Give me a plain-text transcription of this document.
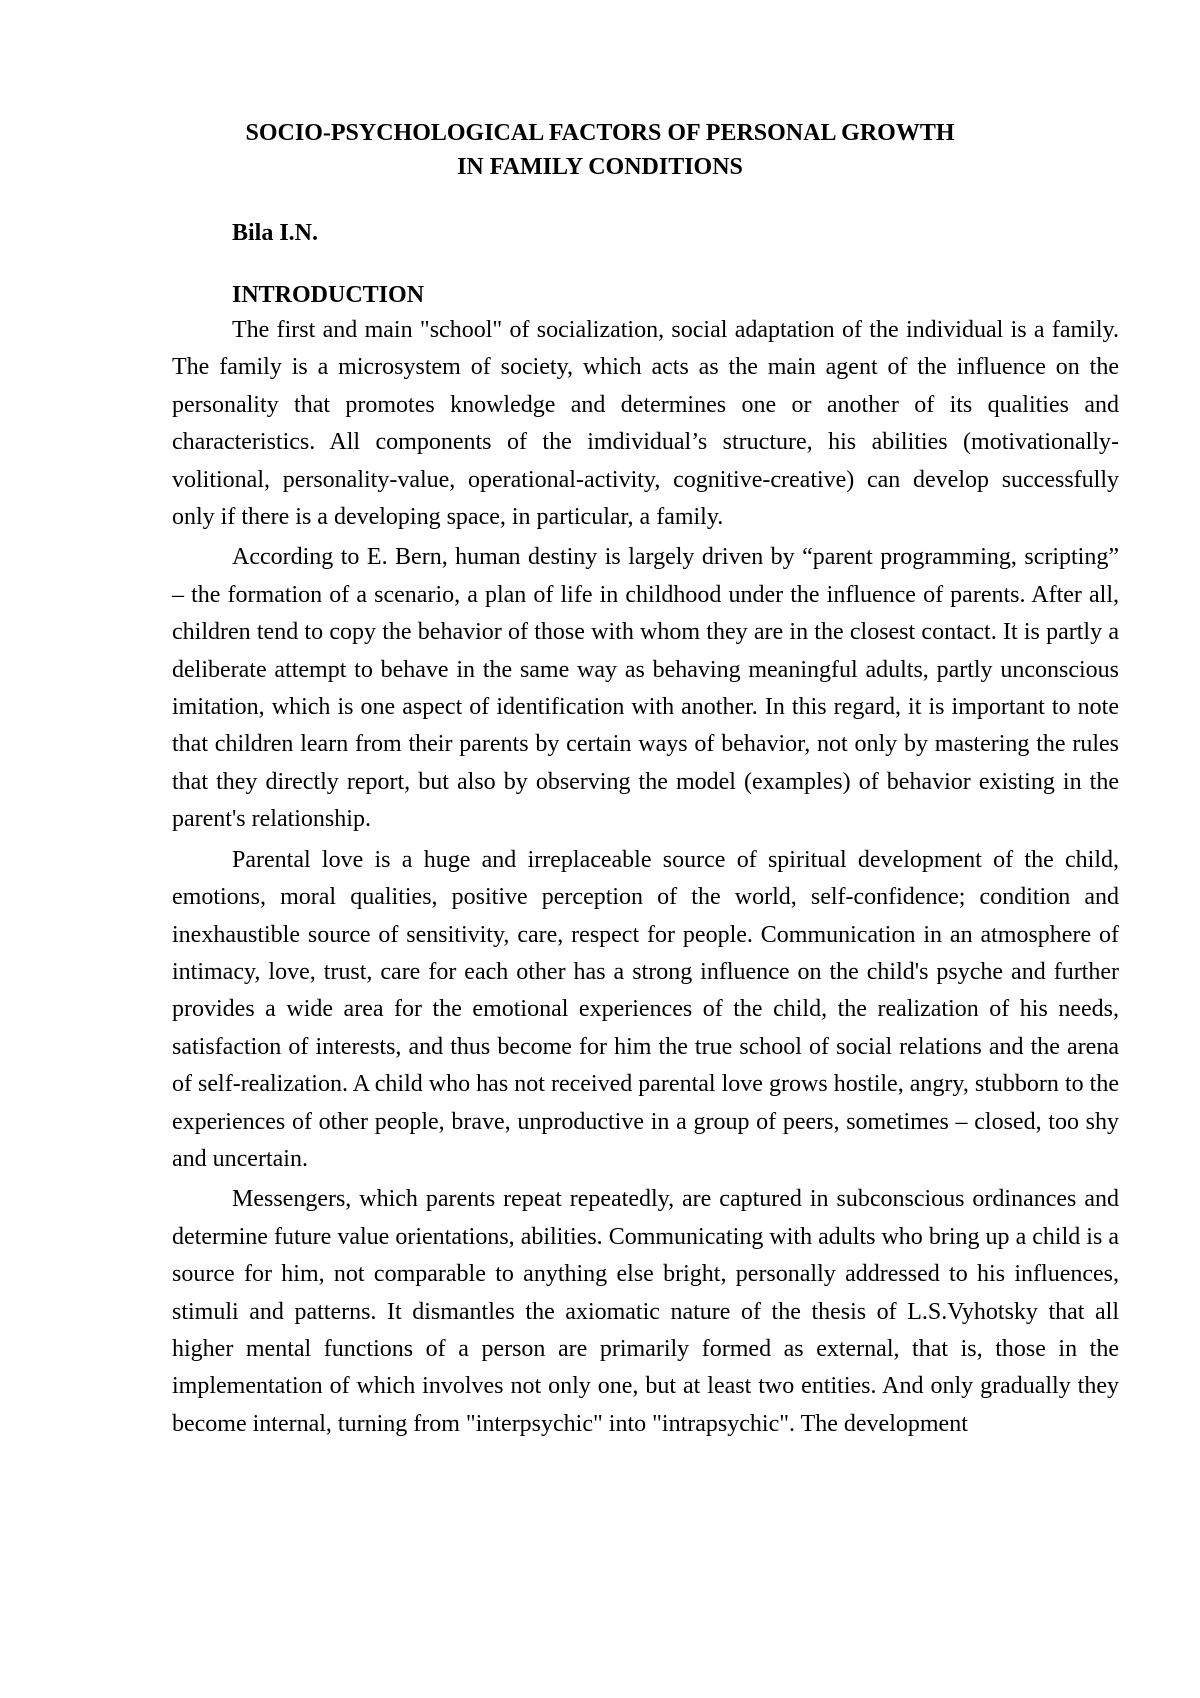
SOCIO-PSYCHOLOGICAL FACTORS OF PERSONAL GROWTH
IN FAMILY CONDITIONS

Bila I.N.

INTRODUCTION

The first and main "school" of socialization, social adaptation of the individual is a family. The family is a microsystem of society, which acts as the main agent of the influence on the personality that promotes knowledge and determines one or another of its qualities and characteristics. All components of the imdividual’s structure, his abilities (motivationally-volitional, personality-value, operational-activity, cognitive-creative) can develop successfully only if there is a developing space, in particular, a family.

According to E. Bern, human destiny is largely driven by “parent programming, scripting” – the formation of a scenario, a plan of life in childhood under the influence of parents. After all, children tend to copy the behavior of those with whom they are in the closest contact. It is partly a deliberate attempt to behave in the same way as behaving meaningful adults, partly unconscious imitation, which is one aspect of identification with another. In this regard, it is important to note that children learn from their parents by certain ways of behavior, not only by mastering the rules that they directly report, but also by observing the model (examples) of behavior existing in the parent's relationship.

Parental love is a huge and irreplaceable source of spiritual development of the child, emotions, moral qualities, positive perception of the world, self-confidence; condition and inexhaustible source of sensitivity, care, respect for people. Communication in an atmosphere of intimacy, love, trust, care for each other has a strong influence on the child's psyche and further provides a wide area for the emotional experiences of the child, the realization of his needs, satisfaction of interests, and thus become for him the true school of social relations and the arena of self-realization. A child who has not received parental love grows hostile, angry, stubborn to the experiences of other people, brave, unproductive in a group of peers, sometimes – closed, too shy and uncertain.

Messengers, which parents repeat repeatedly, are captured in subconscious ordinances and determine future value orientations, abilities. Communicating with adults who bring up a child is a source for him, not comparable to anything else bright, personally addressed to his influences, stimuli and patterns. It dismantles the axiomatic nature of the thesis of L.S.Vyhotsky that all higher mental functions of a person are primarily formed as external, that is, those in the implementation of which involves not only one, but at least two entities. And only gradually they become internal, turning from "interpsychic" into "intrapsychic". The development
